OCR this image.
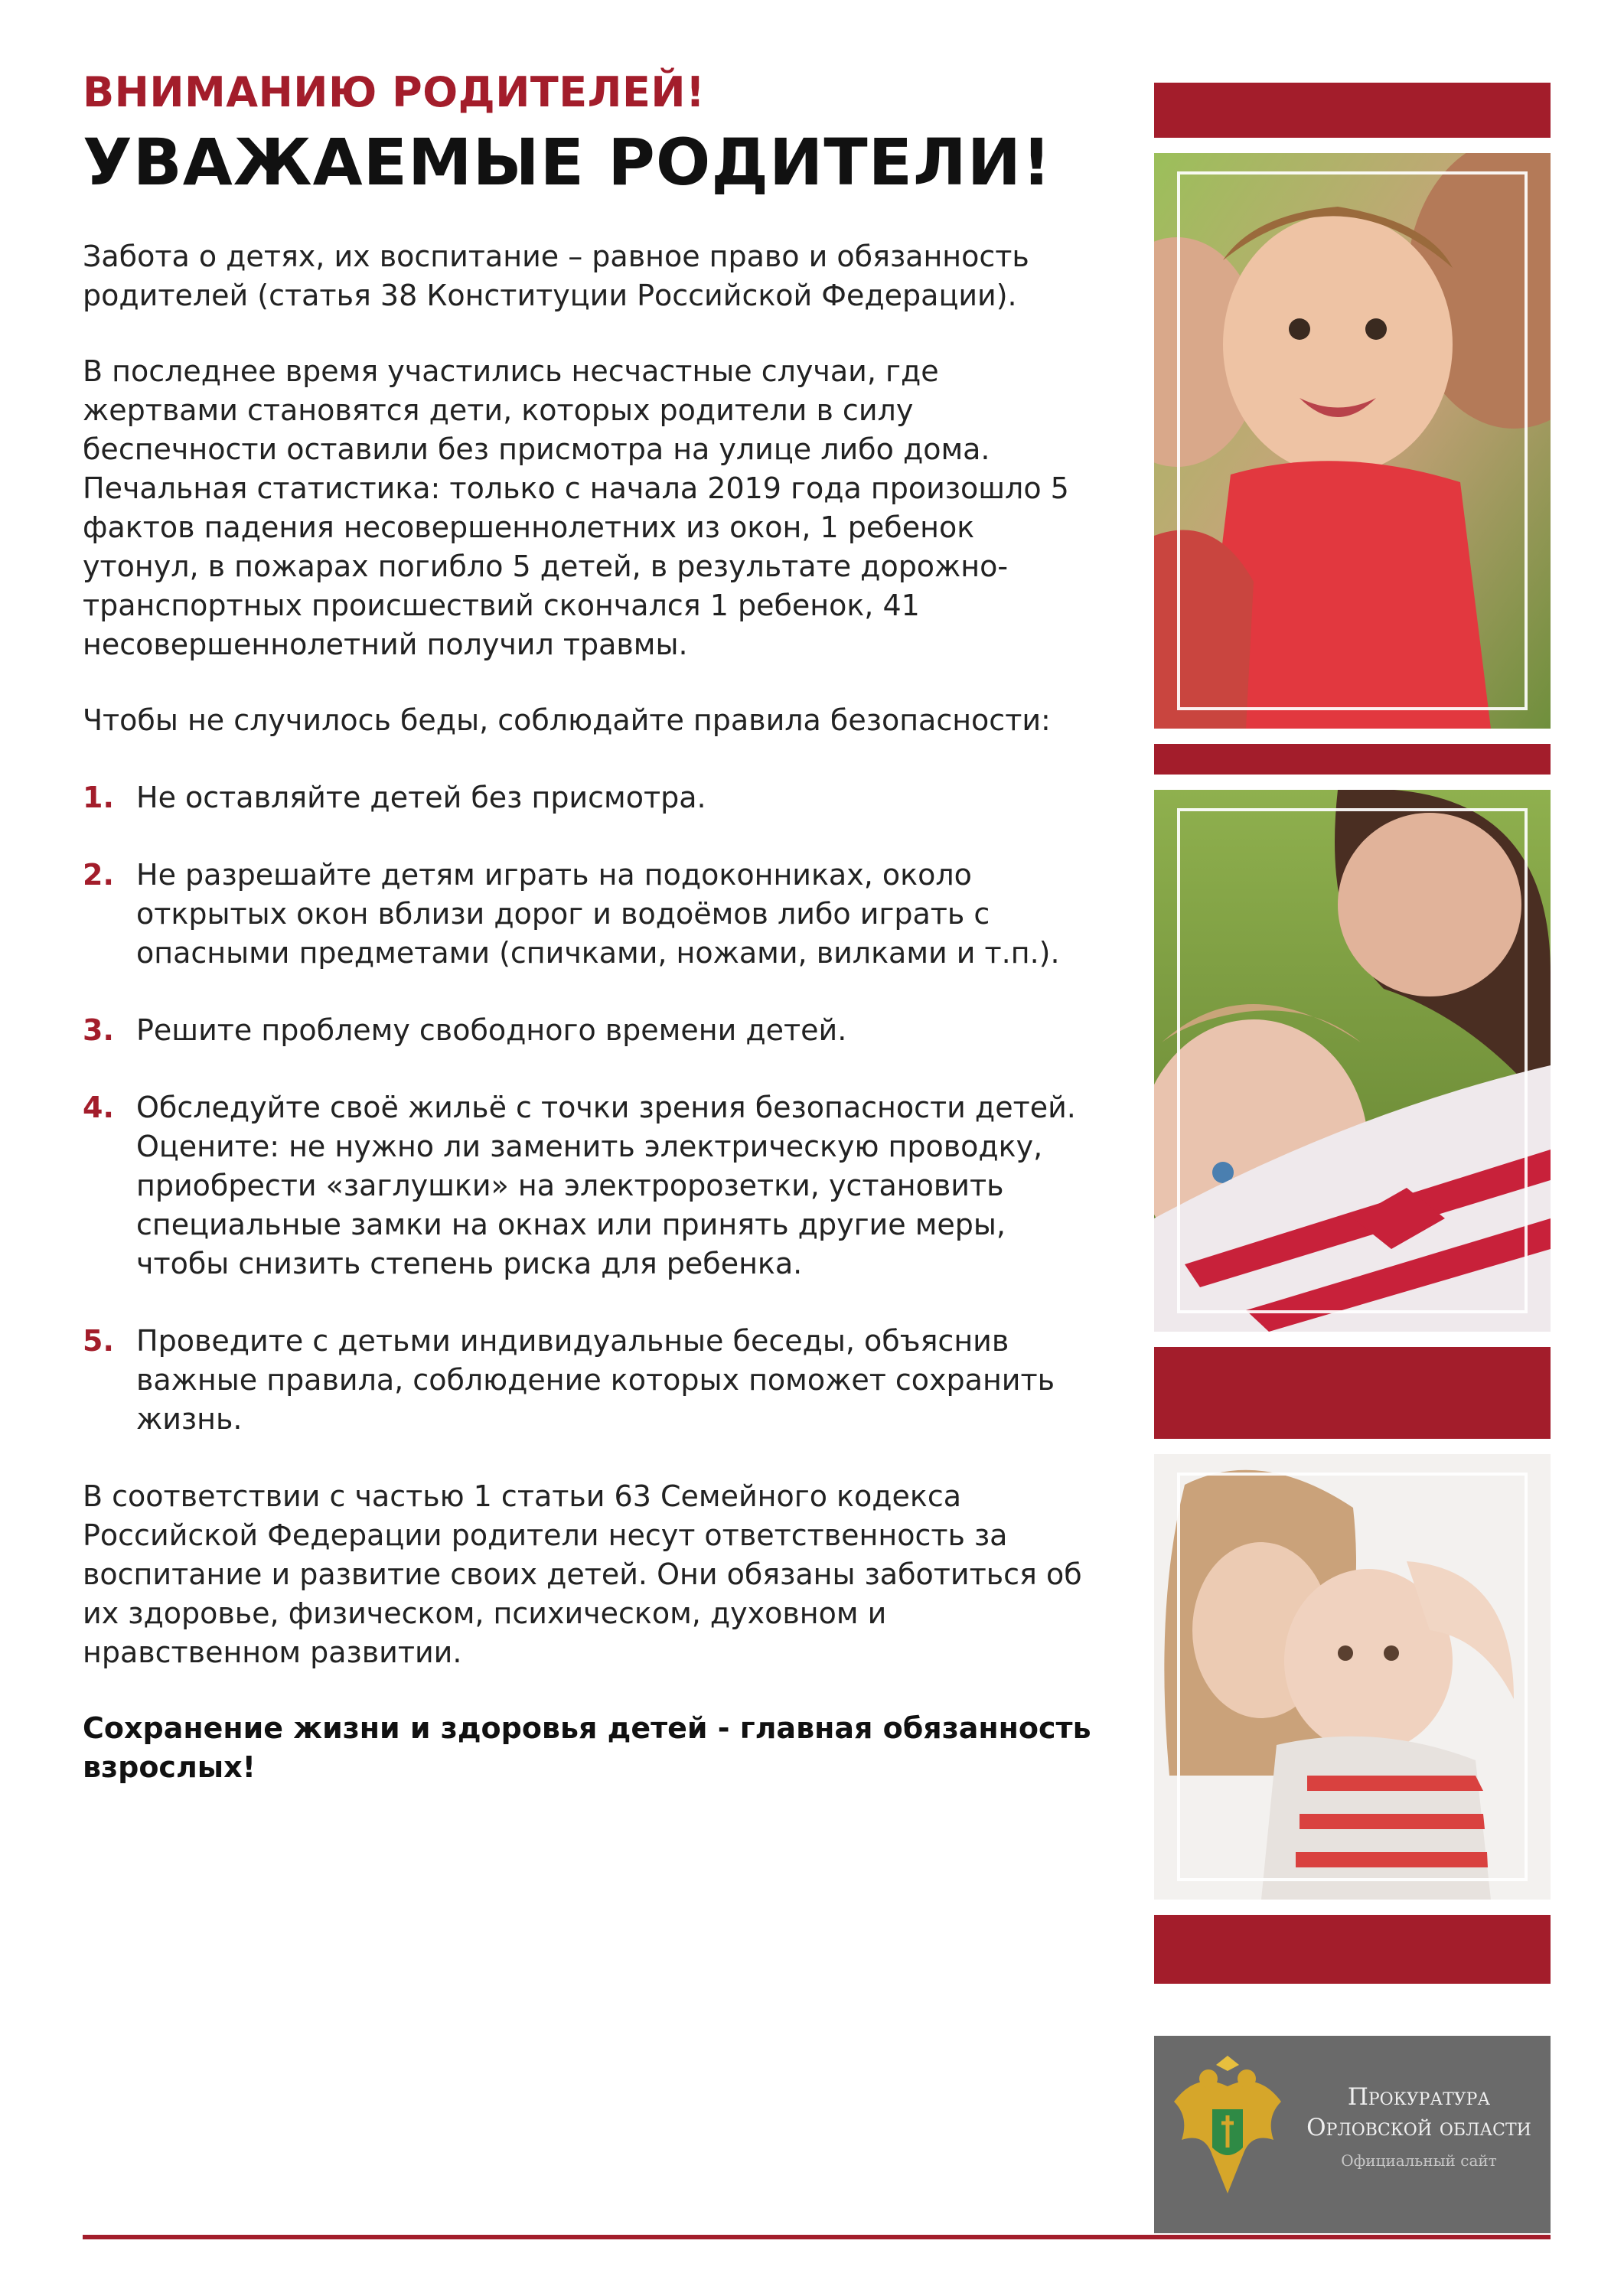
ВНИМАНИЮ РОДИТЕЛЕЙ!
УВАЖАЕМЫЕ РОДИТЕЛИ!

Забота о детях, их воспитание – равное право и обязанность родителей (статья 38 Конституции Российской Федерации).

В последнее время участились несчастные случаи, где жертвами становятся дети, которых родители в силу беспечности оставили без присмотра на улице либо дома. Печальная статистика: только с начала 2019 года произошло 5 фактов падения несовершеннолетних из окон, 1 ребенок утонул, в пожарах погибло 5 детей, в результате дорожно-транспортных происшествий скончался 1 ребенок, 41 несовершеннолетний получил травмы.

Чтобы не случилось беды, соблюдайте правила безопасности:

1. Не оставляйте детей без присмотра.
2. Не разрешайте детям играть на подоконниках, около открытых окон вблизи дорог и водоёмов либо играть с опасными предметами (спичками, ножами, вилками и т.п.).
3. Решите проблему свободного времени детей.
4. Обследуйте своё жильё с точки зрения безопасности детей. Оцените: не нужно ли заменить электрическую проводку, приобрести «заглушки» на электророзетки, установить специальные замки на окнах или принять другие меры, чтобы снизить степень риска для ребенка.
5. Проведите с детьми индивидуальные беседы, объяснив важные правила, соблюдение которых поможет сохранить жизнь.

В соответствии с частью 1 статьи 63 Семейного кодекса Российской Федерации родители несут ответственность за воспитание и развитие своих детей. Они обязаны заботиться об их здоровье, физическом, психическом, духовном и нравственном развитии.

Сохранение жизни и здоровья детей - главная обязанность взрослых!

Прокуратура
Орловской области
Официальный сайт
